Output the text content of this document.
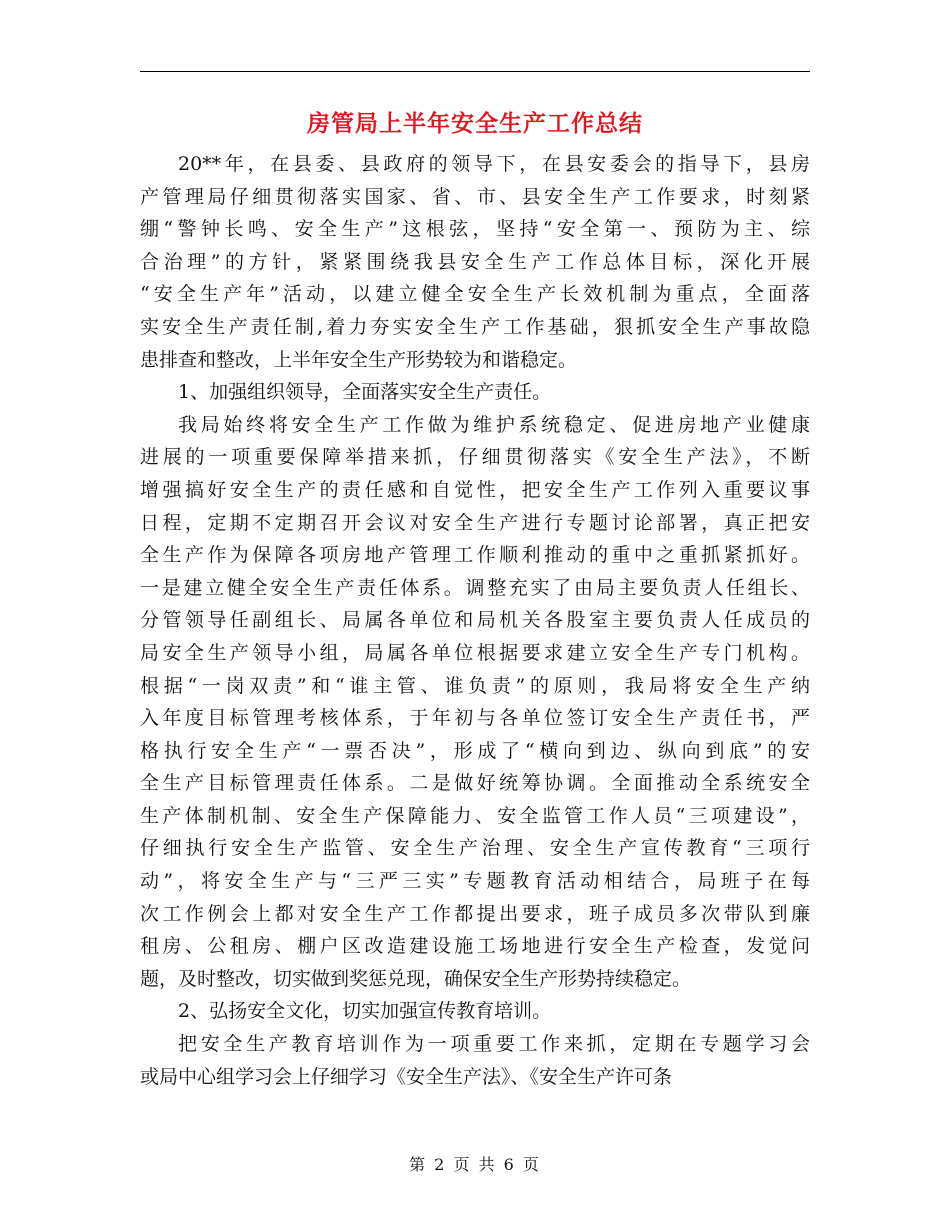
房管局上半年安全生产工作总结
20**年，在县委、县政府的领导下，在县安委会的指导下，县房
产管理局仔细贯彻落实国家、省、市、县安全生产工作要求，时刻紧
绷“警钟长鸣、安全生产”这根弦，坚持“安全第一、预防为主、综
合治理”的方针，紧紧围绕我县安全生产工作总体目标，深化开展
“安全生产年”活动，以建立健全安全生产长效机制为重点，全面落
实安全生产责任制,着力夯实安全生产工作基础，狠抓安全生产事故隐
患排查和整改，上半年安全生产形势较为和谐稳定。
1、加强组织领导，全面落实安全生产责任。
我局始终将安全生产工作做为维护系统稳定、促进房地产业健康
进展的一项重要保障举措来抓，仔细贯彻落实《安全生产法》，不断
增强搞好安全生产的责任感和自觉性，把安全生产工作列入重要议事
日程，定期不定期召开会议对安全生产进行专题讨论部署，真正把安
全生产作为保障各项房地产管理工作顺利推动的重中之重抓紧抓好。
一是建立健全安全生产责任体系。调整充实了由局主要负责人任组长、
分管领导任副组长、局属各单位和局机关各股室主要负责人任成员的
局安全生产领导小组，局属各单位根据要求建立安全生产专门机构。
根据“一岗双责”和“谁主管、谁负责”的原则，我局将安全生产纳
入年度目标管理考核体系，于年初与各单位签订安全生产责任书，严
格执行安全生产“一票否决”，形成了“横向到边、纵向到底”的安
全生产目标管理责任体系。二是做好统筹协调。全面推动全系统安全
生产体制机制、安全生产保障能力、安全监管工作人员“三项建设”，
仔细执行安全生产监管、安全生产治理、安全生产宣传教育“三项行
动”，将安全生产与“三严三实”专题教育活动相结合，局班子在每
次工作例会上都对安全生产工作都提出要求，班子成员多次带队到廉
租房、公租房、棚户区改造建设施工场地进行安全生产检查，发觉问
题，及时整改，切实做到奖惩兑现，确保安全生产形势持续稳定。
2、弘扬安全文化，切实加强宣传教育培训。
把安全生产教育培训作为一项重要工作来抓，定期在专题学习会
或局中心组学习会上仔细学习《安全生产法》、《安全生产许可条
第 2 页 共 6 页
